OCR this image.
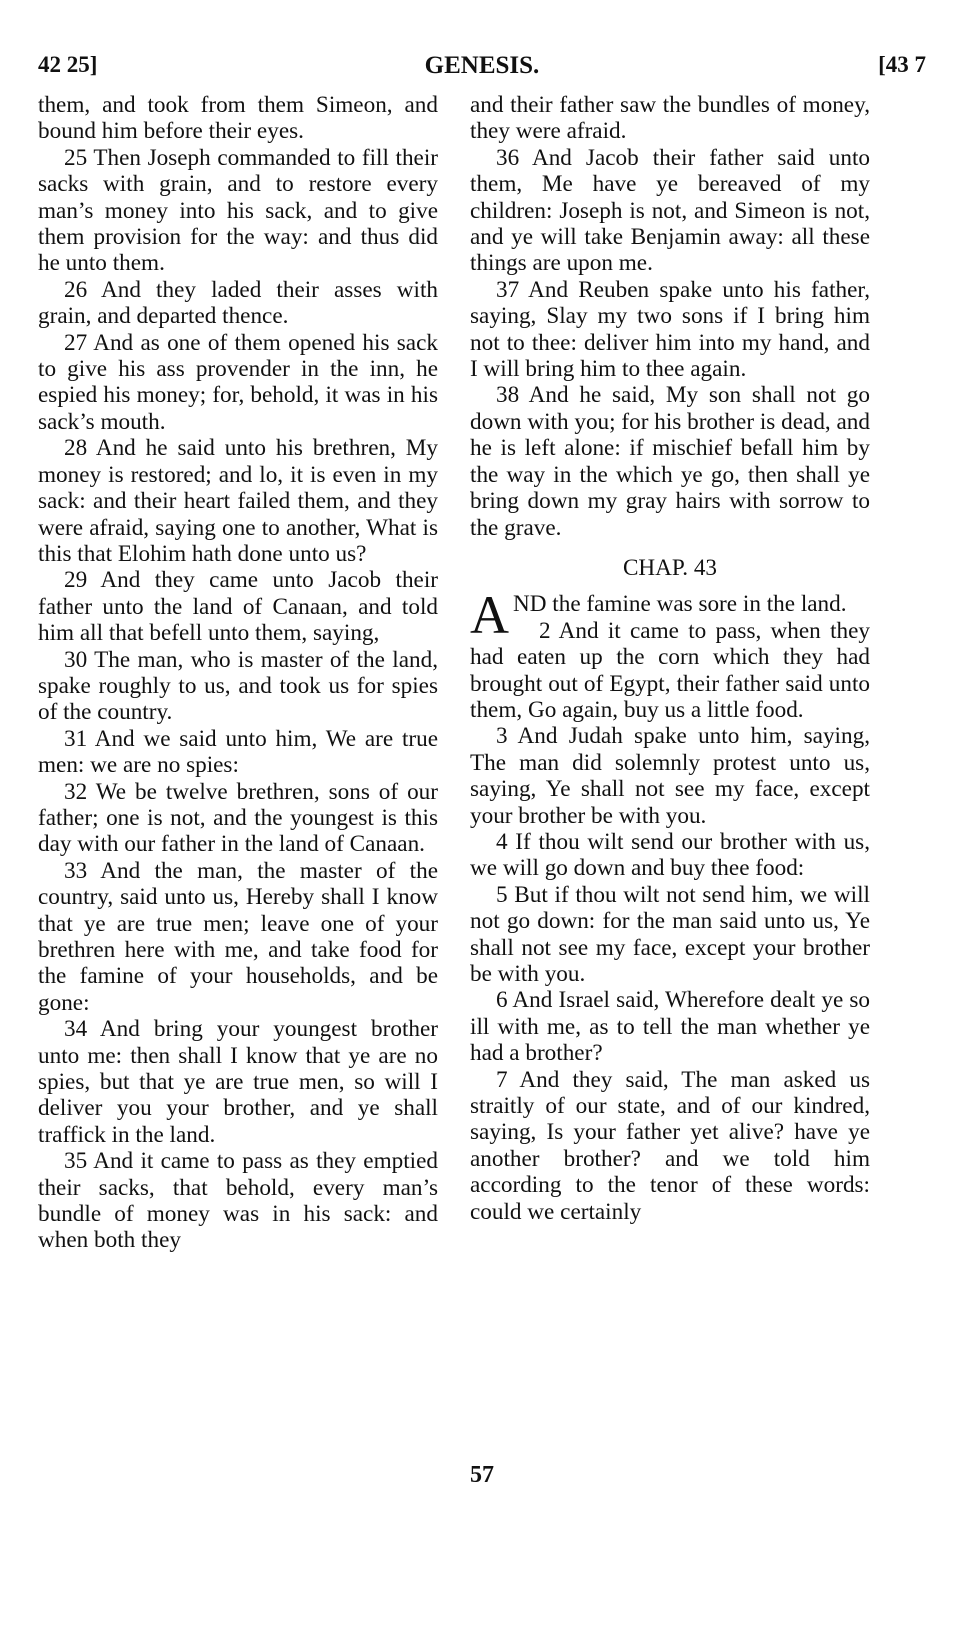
42 25]	GENESIS.	[43 7

them, and took from them Simeon, and bound him before their eyes.

25 Then Joseph commanded to fill their sacks with grain, and to restore every man’s money into his sack, and to give them provision for the way: and thus did he unto them.

26 And they laded their asses with grain, and departed thence.

27 And as one of them opened his sack to give his ass provender in the inn, he espied his money; for, behold, it was in his sack’s mouth.

28 And he said unto his brethren, My money is restored; and lo, it is even in my sack: and their heart failed them, and they were afraid, saying one to another, What is this that Elohim hath done unto us?

29 And they came unto Jacob their father unto the land of Canaan, and told him all that befell unto them, saying,

30 The man, who is master of the land, spake roughly to us, and took us for spies of the country.

31 And we said unto him, We are true men: we are no spies:

32 We be twelve brethren, sons of our father; one is not, and the youngest is this day with our father in the land of Canaan.

33 And the man, the master of the country, said unto us, Hereby shall I know that ye are true men; leave one of your brethren here with me, and take food for the famine of your households, and be gone:

34 And bring your youngest brother unto me: then shall I know that ye are no spies, but that ye are true men, so will I deliver you your brother, and ye shall traffick in the land.

35 And it came to pass as they emptied their sacks, that behold, every man’s bundle of money was in his sack: and when both they

and their father saw the bundles of money, they were afraid.

36 And Jacob their father said unto them, Me have ye bereaved of my children: Joseph is not, and Simeon is not, and ye will take Benjamin away: all these things are upon me.

37 And Reuben spake unto his father, saying, Slay my two sons if I bring him not to thee: deliver him into my hand, and I will bring him to thee again.

38 And he said, My son shall not go down with you; for his brother is dead, and he is left alone: if mischief befall him by the way in the which ye go, then shall ye bring down my gray hairs with sorrow to the grave.

CHAP. 43

AND the famine was sore in the land.

2 And it came to pass, when they had eaten up the corn which they had brought out of Egypt, their father said unto them, Go again, buy us a little food.

3 And Judah spake unto him, saying, The man did solemnly protest unto us, saying, Ye shall not see my face, except your brother be with you.

4 If thou wilt send our brother with us, we will go down and buy thee food:

5 But if thou wilt not send him, we will not go down: for the man said unto us, Ye shall not see my face, except your brother be with you.

6 And Israel said, Wherefore dealt ye so ill with me, as to tell the man whether ye had a brother?

7 And they said, The man asked us straitly of our state, and of our kindred, saying, Is your father yet alive? have ye another brother? and we told him according to the tenor of these words: could we certainly

57
